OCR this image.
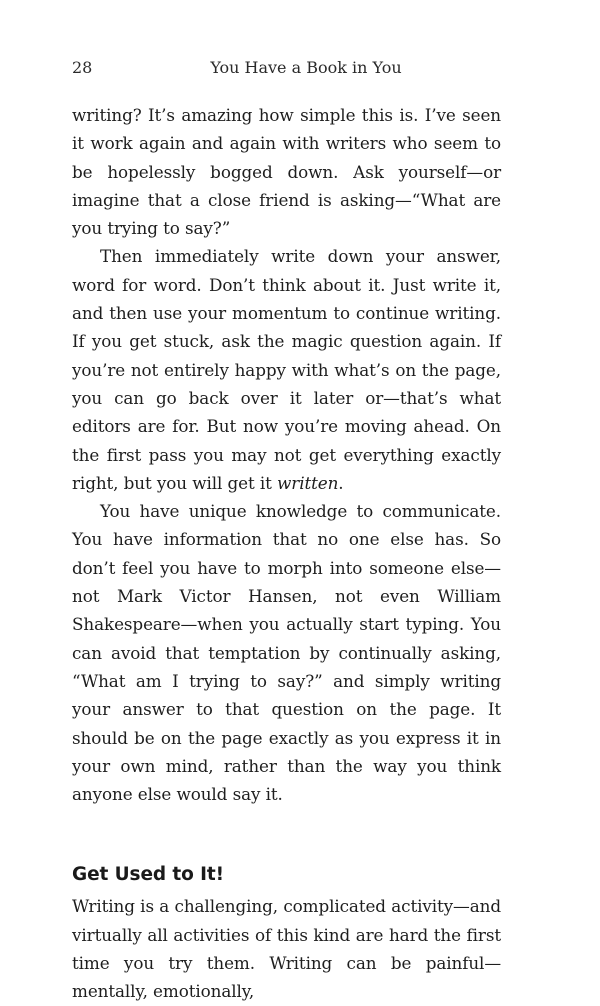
28	You Have a Book in You

writing? It’s amazing how simple this is. I’ve seen it work again and again with writers who seem to be hopelessly bogged down. Ask yourself—or imagine that a close friend is asking—“What are you trying to say?”

Then immediately write down your answer, word for word. Don’t think about it. Just write it, and then use your momentum to continue writing. If you get stuck, ask the magic question again. If you’re not entirely happy with what’s on the page, you can go back over it later or—that’s what editors are for. But now you’re moving ahead. On the first pass you may not get everything exactly right, but you will get it written.

You have unique knowledge to communicate. You have information that no one else has. So don’t feel you have to morph into someone else—not Mark Victor Hansen, not even William Shakespeare—when you actually start typing. You can avoid that temptation by continually asking, “What am I trying to say?” and simply writing your answer to that question on the page. It should be on the page exactly as you express it in your own mind, rather than the way you think anyone else would say it.

Get Used to It!

Writing is a challenging, complicated activity—and virtually all activities of this kind are hard the first time you try them. Writing can be painful—mentally, emotionally,
